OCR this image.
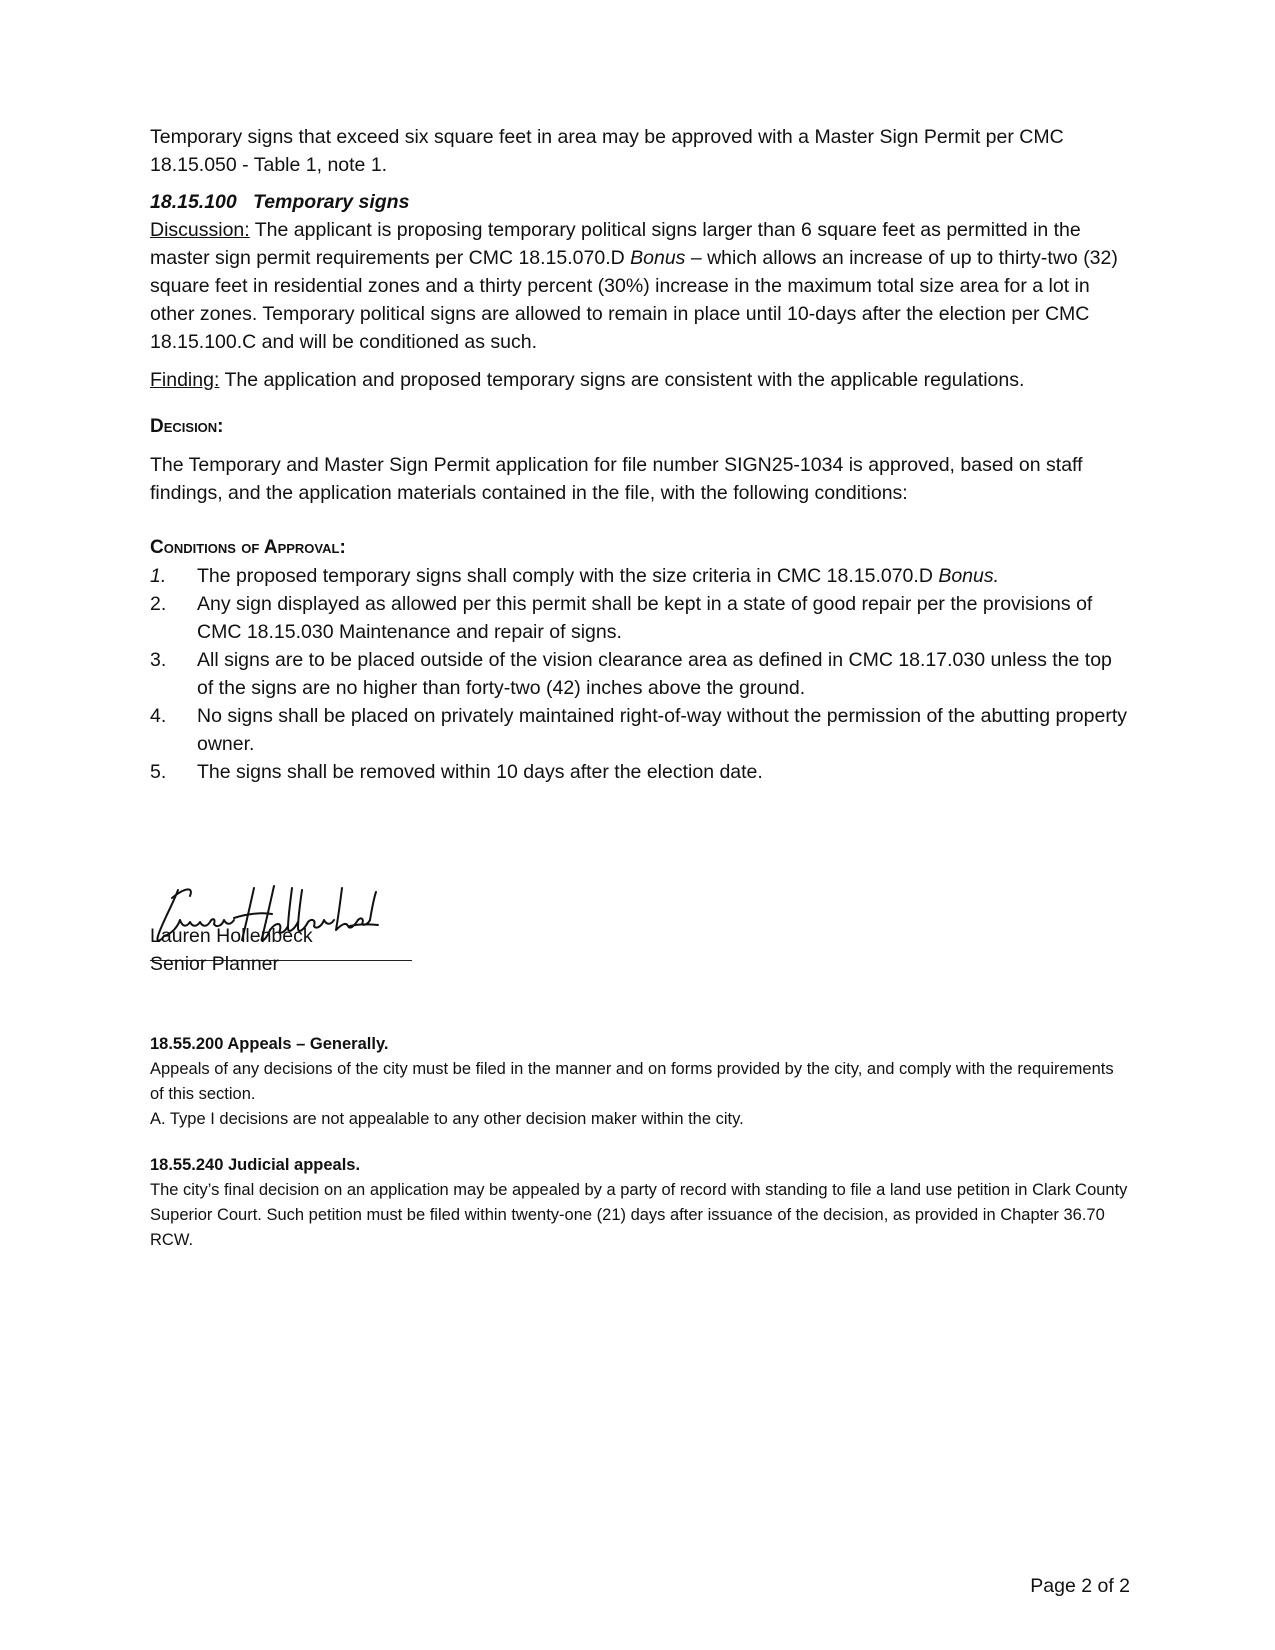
Temporary signs that exceed six square feet in area may be approved with a Master Sign Permit per CMC 18.15.050 - Table 1, note 1.

18.15.100   Temporary signs

Discussion: The applicant is proposing temporary political signs larger than 6 square feet as permitted in the master sign permit requirements per CMC 18.15.070.D Bonus – which allows an increase of up to thirty-two (32) square feet in residential zones and a thirty percent (30%) increase in the maximum total size area for a lot in other zones. Temporary political signs are allowed to remain in place until 10-days after the election per CMC 18.15.100.C and will be conditioned as such.

Finding: The application and proposed temporary signs are consistent with the applicable regulations.

Decision:

The Temporary and Master Sign Permit application for file number SIGN25-1034 is approved, based on staff findings, and the application materials contained in the file, with the following conditions:

Conditions of Approval:

1. The proposed temporary signs shall comply with the size criteria in CMC 18.15.070.D Bonus.
2. Any sign displayed as allowed per this permit shall be kept in a state of good repair per the provisions of CMC 18.15.030 Maintenance and repair of signs.
3. All signs are to be placed outside of the vision clearance area as defined in CMC 18.17.030 unless the top of the signs are no higher than forty-two (42) inches above the ground.
4. No signs shall be placed on privately maintained right-of-way without the permission of the abutting property owner.
5. The signs shall be removed within 10 days after the election date.

Lauren Hollenbeck

Senior Planner

18.55.200 Appeals – Generally.

Appeals of any decisions of the city must be filed in the manner and on forms provided by the city, and comply with the requirements of this section.

A. Type I decisions are not appealable to any other decision maker within the city.

18.55.240 Judicial appeals.

The city’s final decision on an application may be appealed by a party of record with standing to file a land use petition in Clark County Superior Court. Such petition must be filed within twenty-one (21) days after issuance of the decision, as provided in Chapter 36.70 RCW.

Page 2 of 2
